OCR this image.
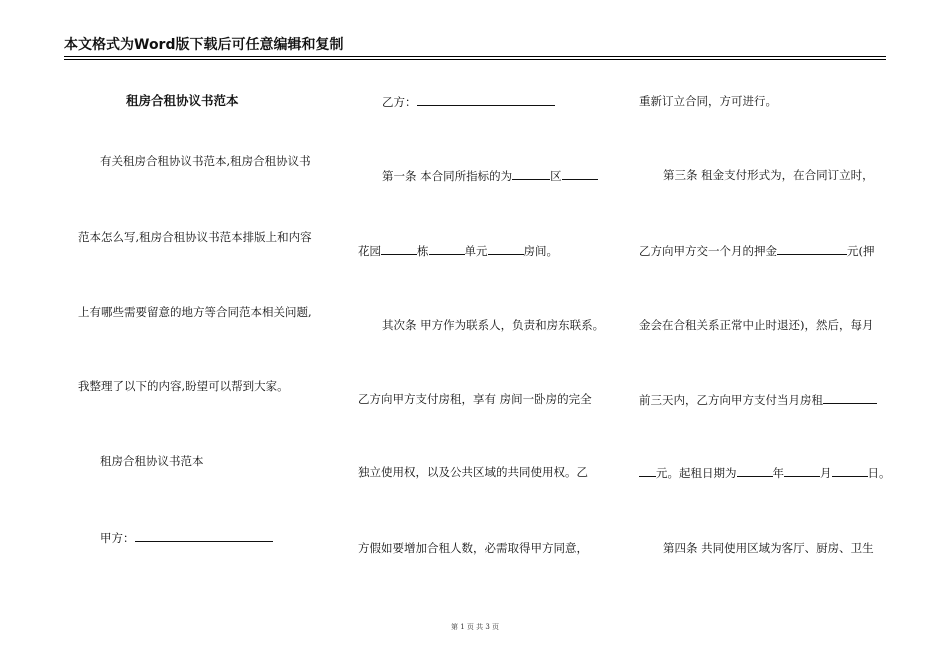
本文格式为Word版下载后可任意编辑和复制
租房合租协议书范本
有关租房合租协议书范本,租房合租协议书
范本怎么写,租房合租协议书范本排版上和内容
上有哪些需要留意的地方等合同范本相关问题,
我整理了以下的内容,盼望可以帮到大家。
租房合租协议书范本
甲方：
乙方：
第一条 本合同所指标的为	区
花园	栋	单元	房间。
其次条 甲方作为联系人，负责和房东联系。
乙方向甲方支付房租，享有 房间一卧房的完全
独立使用权，以及公共区域的共同使用权。乙
方假如要增加合租人数，必需取得甲方同意，
重新订立合同，方可进行。
第三条 租金支付形式为，在合同订立时，
乙方向甲方交一个月的押金	元(押
金会在合租关系正常中止时退还)，然后，每月
前三天内，乙方向甲方支付当月房租
元。起租日期为	年	月	日。
第四条 共同使用区域为客厅、厨房、卫生
第 1 页 共 3 页
